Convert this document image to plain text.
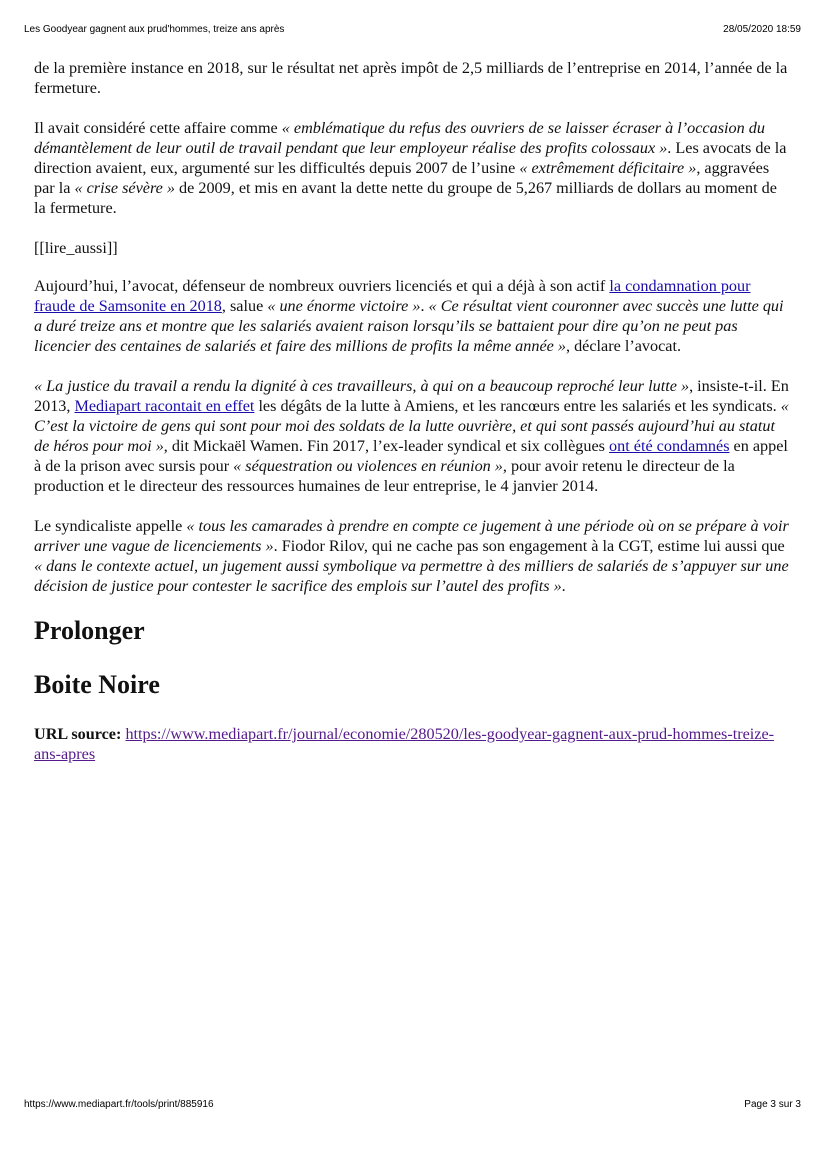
Les Goodyear gagnent aux prud'hommes, treize ans après	28/05/2020 18:59

de la première instance en 2018, sur le résultat net après impôt de 2,5 milliards de l’entreprise en 2014, l’année de la fermeture.

Il avait considéré cette affaire comme « emblématique du refus des ouvriers de se laisser écraser à l’occasion du démantèlement de leur outil de travail pendant que leur employeur réalise des profits colossaux ». Les avocats de la direction avaient, eux, argumenté sur les difficultés depuis 2007 de l’usine « extrêmement déficitaire », aggravées par la « crise sévère » de 2009, et mis en avant la dette nette du groupe de 5,267 milliards de dollars au moment de la fermeture.

[[lire_aussi]]

Aujourd’hui, l’avocat, défenseur de nombreux ouvriers licenciés et qui a déjà à son actif la condamnation pour fraude de Samsonite en 2018, salue « une énorme victoire ». « Ce résultat vient couronner avec succès une lutte qui a duré treize ans et montre que les salariés avaient raison lorsqu’ils se battaient pour dire qu’on ne peut pas licencier des centaines de salariés et faire des millions de profits la même année », déclare l’avocat.

« La justice du travail a rendu la dignité à ces travailleurs, à qui on a beaucoup reproché leur lutte », insiste-t-il. En 2013, Mediapart racontait en effet les dégâts de la lutte à Amiens, et les rancœurs entre les salariés et les syndicats. « C’est la victoire de gens qui sont pour moi des soldats de la lutte ouvrière, et qui sont passés aujourd’hui au statut de héros pour moi », dit Mickaël Wamen. Fin 2017, l’ex-leader syndical et six collègues ont été condamnés en appel à de la prison avec sursis pour « séquestration ou violences en réunion », pour avoir retenu le directeur de la production et le directeur des ressources humaines de leur entreprise, le 4 janvier 2014.

Le syndicaliste appelle « tous les camarades à prendre en compte ce jugement à une période où on se prépare à voir arriver une vague de licenciements ». Fiodor Rilov, qui ne cache pas son engagement à la CGT, estime lui aussi que « dans le contexte actuel, un jugement aussi symbolique va permettre à des milliers de salariés de s’appuyer sur une décision de justice pour contester le sacrifice des emplois sur l’autel des profits ».

Prolonger
Boite Noire

URL source: https://www.mediapart.fr/journal/economie/280520/les-goodyear-gagnent-aux-prud-hommes-treize-ans-apres

https://www.mediapart.fr/tools/print/885916	Page 3 sur 3
